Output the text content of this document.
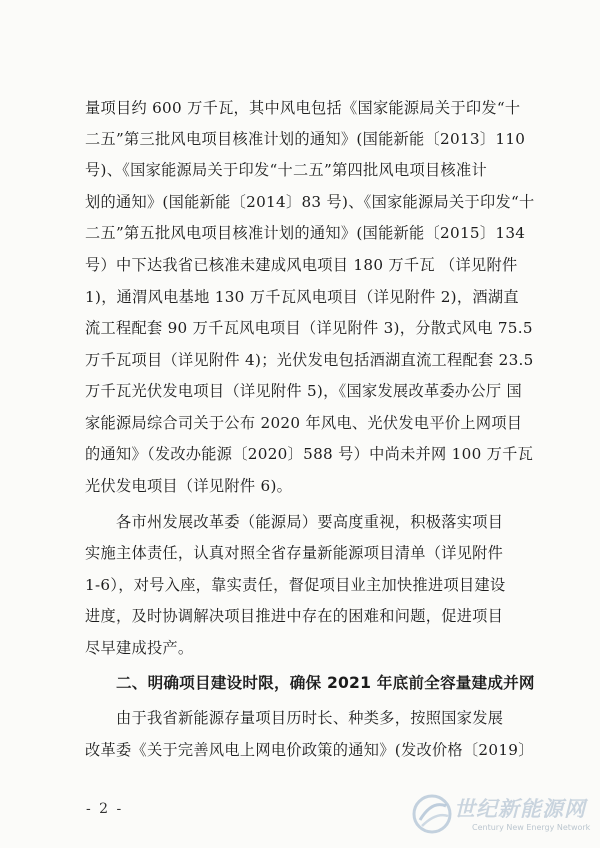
量项目约 600 万千瓦，其中风电包括《国家能源局关于印发“十
二五”第三批风电项目核准计划的通知》(国能新能〔2013〕110
号)、《国家能源局关于印发“十二五”第四批风电项目核准计
划的通知》(国能新能〔2014〕83 号)、《国家能源局关于印发“十
二五”第五批风电项目核准计划的通知》(国能新能〔2015〕134
号）中下达我省已核准未建成风电项目 180 万千瓦 （详见附件
1)，通渭风电基地 130 万千瓦风电项目（详见附件 2)，酒湖直
流工程配套 90 万千瓦风电项目（详见附件 3)，分散式风电 75.5
万千瓦项目（详见附件 4)；光伏发电包括酒湖直流工程配套 23.5
万千瓦光伏发电项目（详见附件 5)，《国家发展改革委办公厅 国
家能源局综合司关于公布 2020 年风电、光伏发电平价上网项目
的通知》（发改办能源〔2020〕588 号）中尚未并网 100 万千瓦
光伏发电项目（详见附件 6)。
各市州发展改革委（能源局）要高度重视，积极落实项目
实施主体责任，认真对照全省存量新能源项目清单（详见附件
1-6），对号入座，靠实责任，督促项目业主加快推进项目建设
进度，及时协调解决项目推进中存在的困难和问题，促进项目
尽早建成投产。
二、明确项目建设时限，确保 2021 年底前全容量建成并网
由于我省新能源存量项目历时长、种类多，按照国家发展
改革委《关于完善风电上网电价政策的通知》(发改价格〔2019〕
- 2 -	世纪新能源网
Century New Energy Network
